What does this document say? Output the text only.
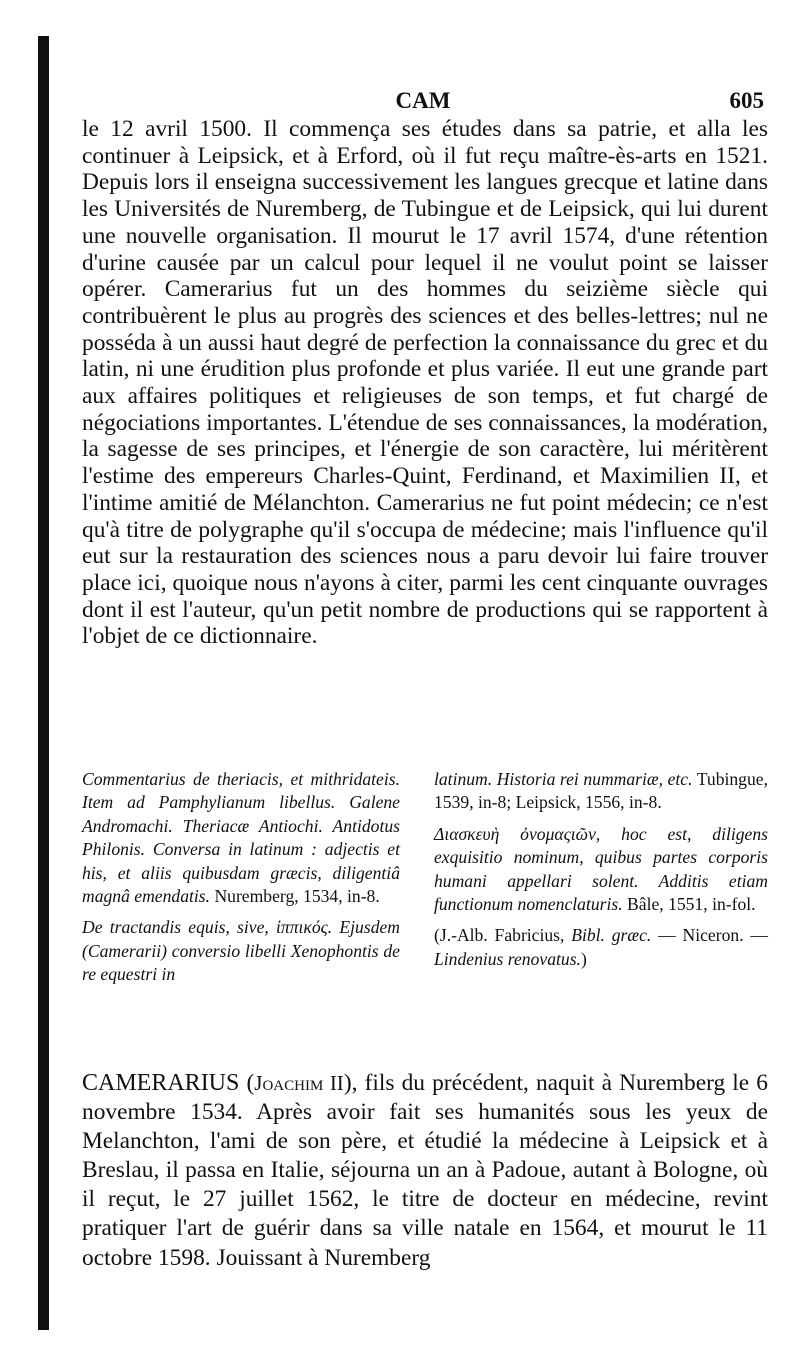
CAM	605

le 12 avril 1500. Il commença ses études dans sa patrie, et alla les continuer à Leipsick, et à Erford, où il fut reçu maître-ès-arts en 1521. Depuis lors il enseigna successivement les langues grecque et latine dans les Universités de Nuremberg, de Tubingue et de Leipsick, qui lui durent une nouvelle organisation. Il mourut le 17 avril 1574, d'une rétention d'urine causée par un calcul pour lequel il ne voulut point se laisser opérer. Camerarius fut un des hommes du seizième siècle qui contribuèrent le plus au progrès des sciences et des belles-lettres; nul ne posséda à un aussi haut degré de perfection la connaissance du grec et du latin, ni une érudition plus profonde et plus variée. Il eut une grande part aux affaires politiques et religieuses de son temps, et fut chargé de négociations importantes. L'étendue de ses connaissances, la modération, la sagesse de ses principes, et l'énergie de son caractère, lui méritèrent l'estime des empereurs Charles-Quint, Ferdinand, et Maximilien II, et l'intime amitié de Mélanchton. Camerarius ne fut point médecin; ce n'est qu'à titre de polygraphe qu'il s'occupa de médecine; mais l'influence qu'il eut sur la restauration des sciences nous a paru devoir lui faire trouver place ici, quoique nous n'ayons à citer, parmi les cent cinquante ouvrages dont il est l'auteur, qu'un petit nombre de productions qui se rapportent à l'objet de ce dictionnaire.

Commentarius de theriacis, et mithridateis. Item ad Pamphylianum libellus. Galene Andromachi. Theriacæ Antiochi. Antidotus Philonis. Conversa in latinum : adjectis et his, et aliis quibusdam græcis, diligentiâ magnâ emendatis. Nuremberg, 1534, in-8.

De tractandis equis, sive, ἱππικός. Ejusdem (Camerarii) conversio libelli Xenophontis de re equestri in

latinum. Historia rei nummariæ, etc. Tubingue, 1539, in-8; Leipsick, 1556, in-8.

Διασκευὴ ὀνομαςιῶν, hoc est, diligens exquisitio nominum, quibus partes corporis humani appellari solent. Additis etiam functionum nomenclaturis. Bâle, 1551, in-fol.

(J.-Alb. Fabricius, Bibl. græc. — Niceron. — Lindenius renovatus.)

CAMERARIUS (Joachim II), fils du précédent, naquit à Nuremberg le 6 novembre 1534. Après avoir fait ses humanités sous les yeux de Melanchton, l'ami de son père, et étudié la médecine à Leipsick et à Breslau, il passa en Italie, séjourna un an à Padoue, autant à Bologne, où il reçut, le 27 juillet 1562, le titre de docteur en médecine, revint pratiquer l'art de guérir dans sa ville natale en 1564, et mourut le 11 octobre 1598. Jouissant à Nuremberg
